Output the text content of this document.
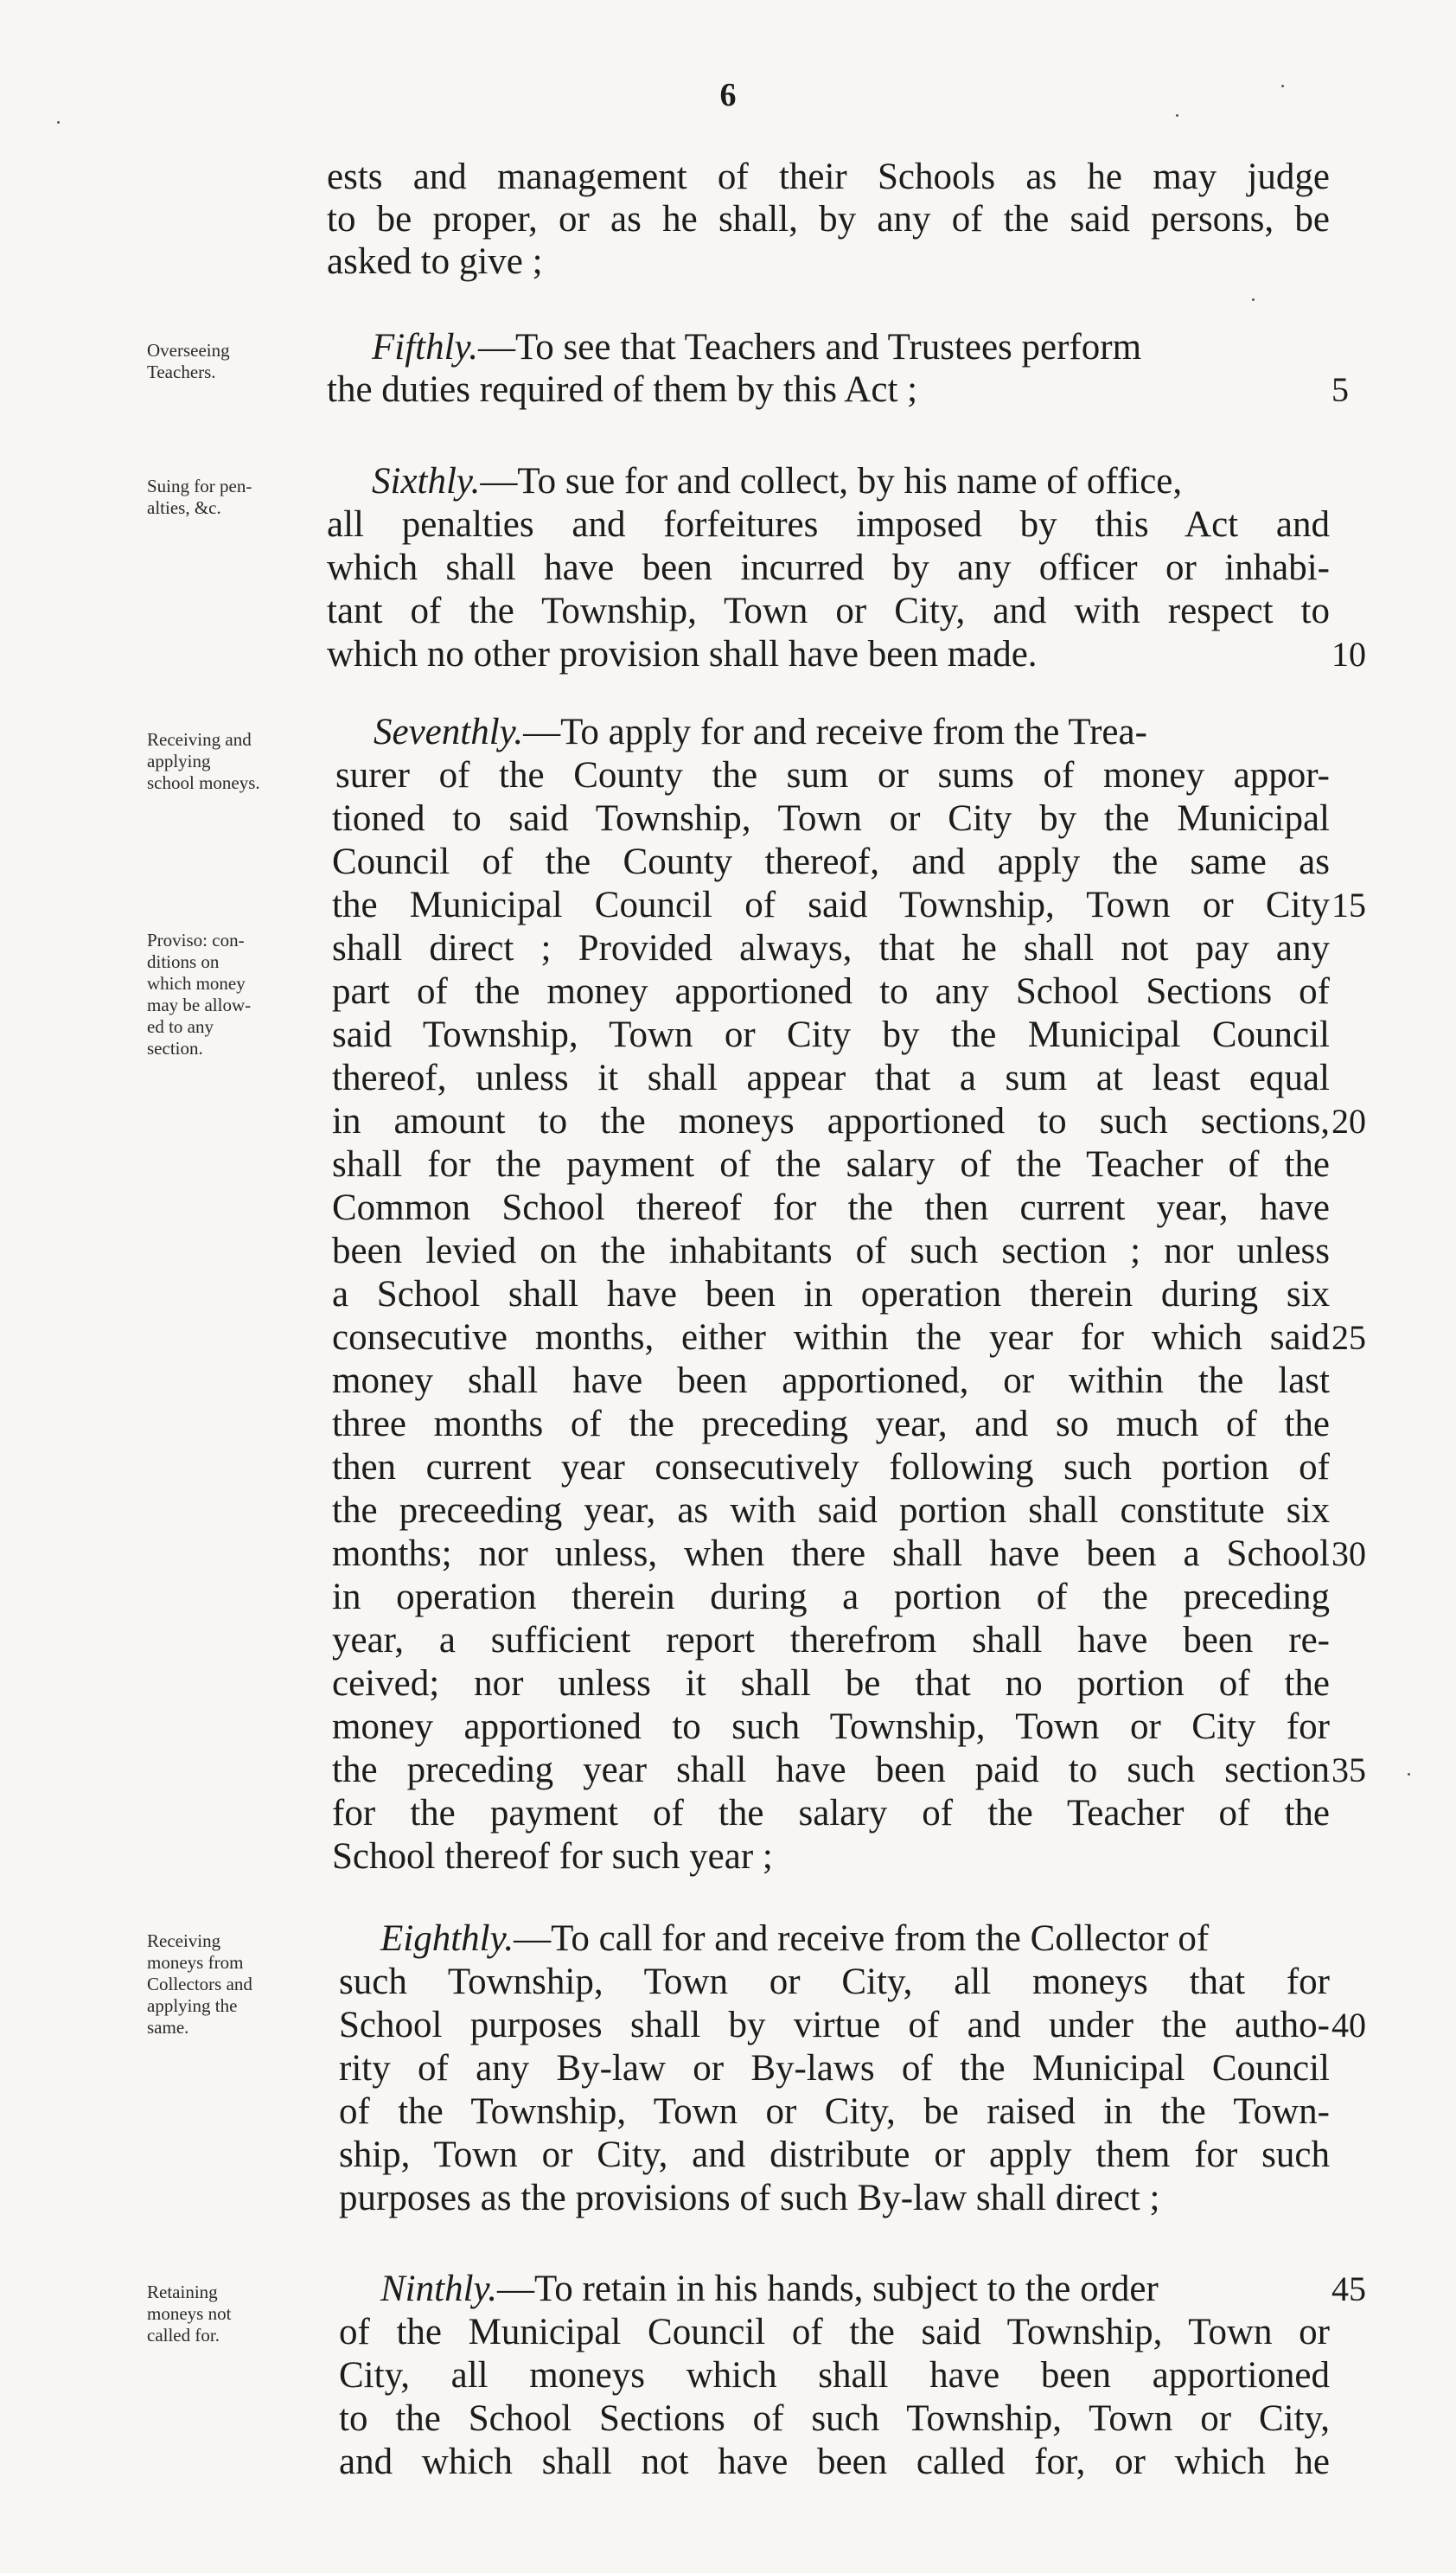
6
ests and management of their Schools as he may judge
to be proper, or as he shall, by any of the said persons, be
asked to give ;
Overseeing
Teachers.
Fifthly.—To see that Teachers and Trustees perform
the duties required of them by this Act ;	5
Suing for pen-
alties, &c.
Sixthly.—To sue for and collect, by his name of office,
all penalties and forfeitures imposed by this Act and
which shall have been incurred by any officer or inhabi-
tant of the Township, Town or City, and with respect to
which no other provision shall have been made.	10
Receiving and
applying
school moneys.
Proviso: con-
ditions on
which money
may be allow-
ed to any
section.
Seventhly.—To apply for and receive from the Trea-
surer of the County the sum or sums of money appor-
tioned to said Township, Town or City by the Municipal
Council of the County thereof, and apply the same as
the Municipal Council of said Township, Town or City 15
shall direct ; Provided always, that he shall not pay any
part of the money apportioned to any School Sections of
said Township, Town or City by the Municipal Council
thereof, unless it shall appear that a sum at least equal
in amount to the moneys apportioned to such sections, 20
shall for the payment of the salary of the Teacher of the
Common School thereof for the then current year, have
been levied on the inhabitants of such section ; nor unless
a School shall have been in operation therein during six
consecutive months, either within the year for which said 25
money shall have been apportioned, or within the last
three months of the preceding year, and so much of the
then current year consecutively following such portion of
the preceeding year, as with said portion shall constitute six
months; nor unless, when there shall have been a School 30
in operation therein during a portion of the preceding
year, a sufficient report therefrom shall have been re-
ceived; nor unless it shall be that no portion of the
money apportioned to such Township, Town or City for
the preceding year shall have been paid to such section 35
for the payment of the salary of the Teacher of the
School thereof for such year ;
Receiving
moneys from
Collectors and
applying the
same.
Eighthly.—To call for and receive from the Collector of
such Township, Town or City, all moneys that for
School purposes shall by virtue of and under the autho- 40
rity of any By-law or By-laws of the Municipal Council
of the Township, Town or City, be raised in the Town-
ship, Town or City, and distribute or apply them for such
purposes as the provisions of such By-law shall direct ;
Retaining
moneys not
called for.
Ninthly.—To retain in his hands, subject to the order	45
of the Municipal Council of the said Township, Town or
City, all moneys which shall have been apportioned
to the School Sections of such Township, Town or City,
and which shall not have been called for, or which he
